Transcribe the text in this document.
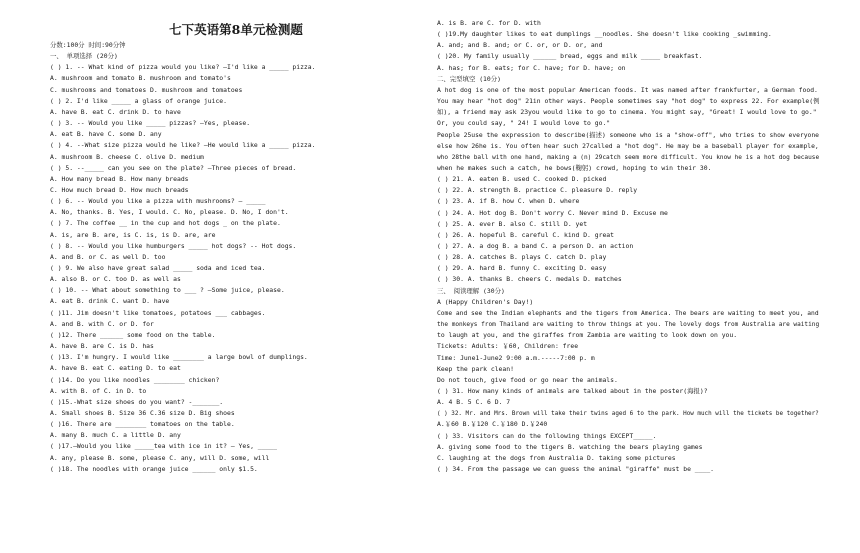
七下英语第8单元检测题
分数:100分 时间:90分钟
一、 单项选择 (20分)
( ) 1. -- What kind of pizza would you like? —I'd like a _____ pizza.
A. mushroom and tomato B. mushroom and tomato's
C. mushrooms and tomatoes D. mushroom and tomatoes
( ) 2. I'd like _____ a glass of orange juice.
A. have B. eat C. drink D. to have
( ) 3. -- Would you like _____ pizzas? —Yes, please.
A. eat B. have C. some D. any
( ) 4. --What size pizza would he like? —He would like a _____ pizza.
A. mushroom B. cheese C. olive D. medium
( ) 5. --_____ can you see on the plate? —Three pieces of bread.
A. How many bread B. How many breads
C. How much bread D. How much breads
( ) 6. -- Would you like a pizza with mushrooms? — _____
A. No, thanks. B. Yes, I would. C. No, please. D. No, I don't.
( ) 7. The coffee __ in the cup and hot dogs _ on the plate.
A. is, are B. are, is C. is, is D. are, are
( ) 8. -- Would you like humburgers _____ hot dogs? -- Hot dogs.
A. and B. or C. as well D. too
( ) 9. We also have great salad _____ soda and iced tea.
A. also B. or C. too D. as well as
( ) 10. -- What about something to ___ ? —Some juice, please.
A. eat B. drink C. want D. have
( )11. Jim doesn't like tomatoes, potatoes ___ cabbages.
A. and B. with C. or D. for
( )12. There ______ some food on the table.
A. have B. are C. is D. has
( )13. I'm hungry. I would like ________ a large bowl of dumplings.
A. have B. eat C. eating D. to eat
( )14. Do you like noodles ________ chicken?
A. with B. of C. in D. to
( )15.-What size shoes do you want? -_______.
A. Small shoes B. Size 36 C.36 size D. Big shoes
( )16. There are ________ tomatoes on the table.
A. many B. much C. a little D. any
( )17.—Would you like _____tea with ice in it? — Yes, _____
A. any, please B. some, please C. any, will D. some, will
( )18. The noodles with orange juice ______ only $1.5.
A. is B. are C. for D. with
( )19.My daughter likes to eat dumplings __noodles. She doesn't like cooking _swimming.
A. and; and B. and; or C. or, or D. or, and
( )20. My family usually ______ bread, eggs and milk _____ breakfast.
A. has; for B. eats; for C. have; for D. have; on
二、完型填空 (10分)
A hot dog is one of the most popular American foods. It was named after frankfurter, a German food.
You may hear "hot dog" 21in other ways. People sometimes say "hot dog" to express 22. For example(例
如), a friend may ask 23you would like to go to cinema. You might say, "Great! I would love to go."
Or, you could say, " 24! I would love to go."
People 25use the expression to describe(描述) someone who is a "show-off", who tries to show everyone
else how 26he is. You often hear such 27called a "hot dog". He may be a baseball player for example,
who 28the ball with one hand, making a (n) 29catch seem more difficult. You know he is a hot dog because
when he makes such a catch, he bows(鞠躬) crowd, hoping to win their 30.
( ) 21. A. eaten B. used C. cooked D. picked
( ) 22. A. strength B. practice C. pleasure D. reply
( ) 23. A. if B. how C. when D. where
( ) 24. A. Hot dog B. Don't worry C. Never mind D. Excuse me
( ) 25. A. ever B. also C. still D. yet
( ) 26. A. hopeful B. careful C. kind D. great
( ) 27. A. a dog B. a band C. a person D. an action
( ) 28. A. catches B. plays C. catch D. play
( ) 29. A. hard B. funny C. exciting D. easy
( ) 30. A. thanks B. cheers C. medals D. matches
三、 阅读理解 (30分)
A (Happy Children's Day!)
Come and see the Indian elephants and the tigers from America. The bears are waiting to meet you, and
the monkeys from Thailand are waiting to throw things at you. The lovely dogs from Australia are waiting
to laugh at you, and the giraffes from Zambia are waiting to look down on you.
Tickets: Adults: ￥60, Children: free
Time: June1-June2 9:00 a.m.-----7:00 p. m
Keep the park clean!
Do not touch, give food or go near the animals.
( ) 31. How many kinds of animals are talked about in the poster(海报)?
A. 4 B. 5 C. 6 D. 7
( ) 32. Mr. and Mrs. Brown will take their twins aged 6 to the park. How much will the tickets be together?
A.￥60 B.￥120 C.￥180 D.￥240
( ) 33. Visitors can do the following things EXCEPT_____.
A. giving some food to the tigers B. watching the bears playing games
C. laughing at the dogs from Australia D. taking some pictures
( ) 34. From the passage we can guess the animal "giraffe" must be ____.
